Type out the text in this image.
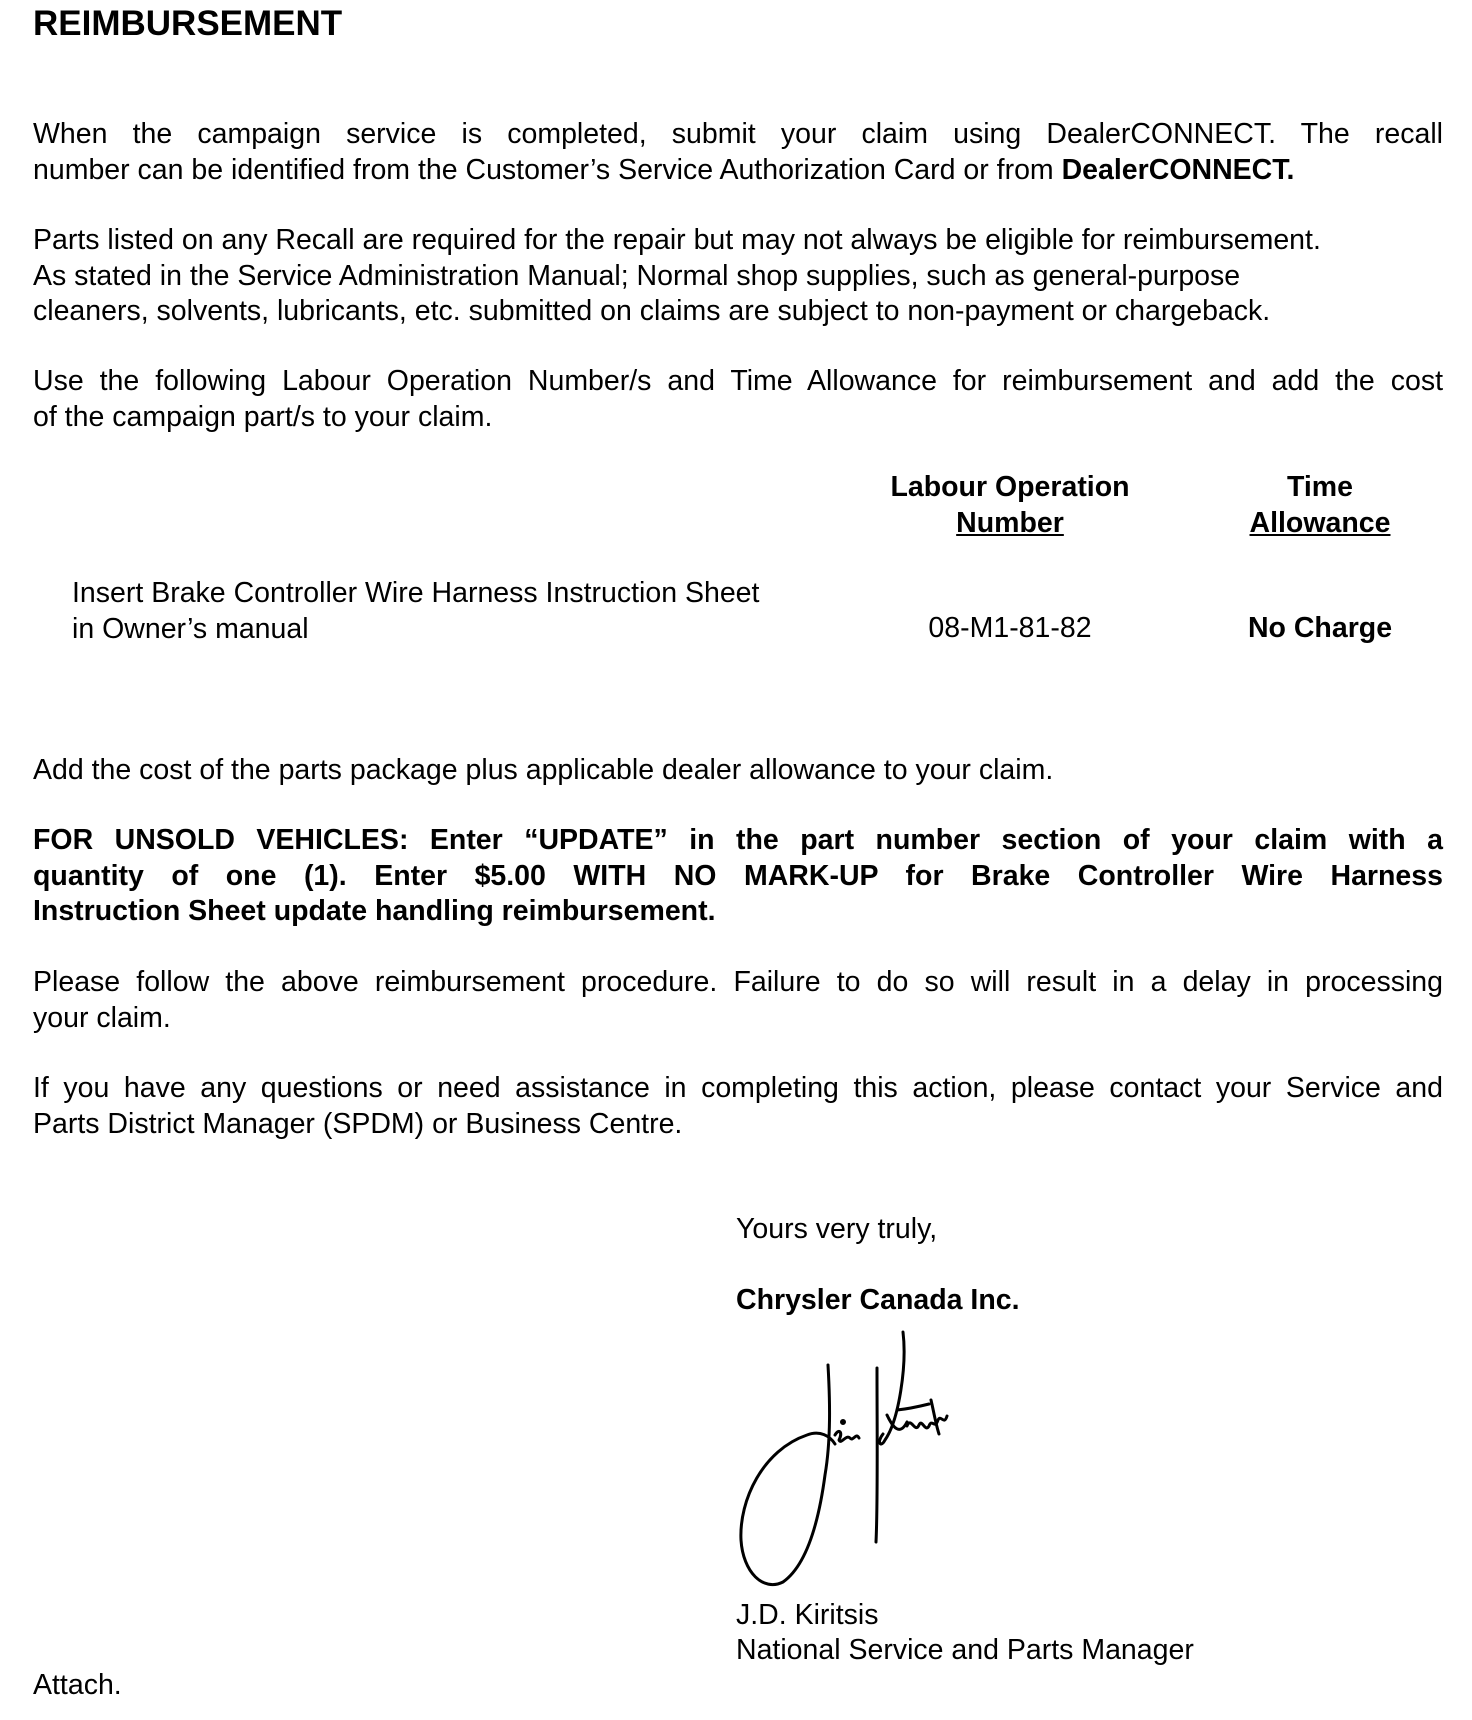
REIMBURSEMENT
When the campaign service is completed, submit your claim using DealerCONNECT. The recall
number can be identified from the Customer’s Service Authorization Card or from DealerCONNECT.
Parts listed on any Recall are required for the repair but may not always be eligible for reimbursement.
As stated in the Service Administration Manual; Normal shop supplies, such as general-purpose
cleaners, solvents, lubricants, etc. submitted on claims are subject to non-payment or chargeback.
Use the following Labour Operation Number/s and Time Allowance for reimbursement and add the cost
of the campaign part/s to your claim.
Labour Operation
Number
Time
Allowance
Insert Brake Controller Wire Harness Instruction Sheet
in Owner’s manual	08-M1-81-82	No Charge
Add the cost of the parts package plus applicable dealer allowance to your claim.
FOR UNSOLD VEHICLES: Enter “UPDATE” in the part number section of your claim with a
quantity of one (1). Enter $5.00 WITH NO MARK-UP for Brake Controller Wire Harness
Instruction Sheet update handling reimbursement.
Please follow the above reimbursement procedure. Failure to do so will result in a delay in processing
your claim.
If you have any questions or need assistance in completing this action, please contact your Service and
Parts District Manager (SPDM) or Business Centre.
Yours very truly,
Chrysler Canada Inc.
J.D. Kiritsis
National Service and Parts Manager
Attach.
